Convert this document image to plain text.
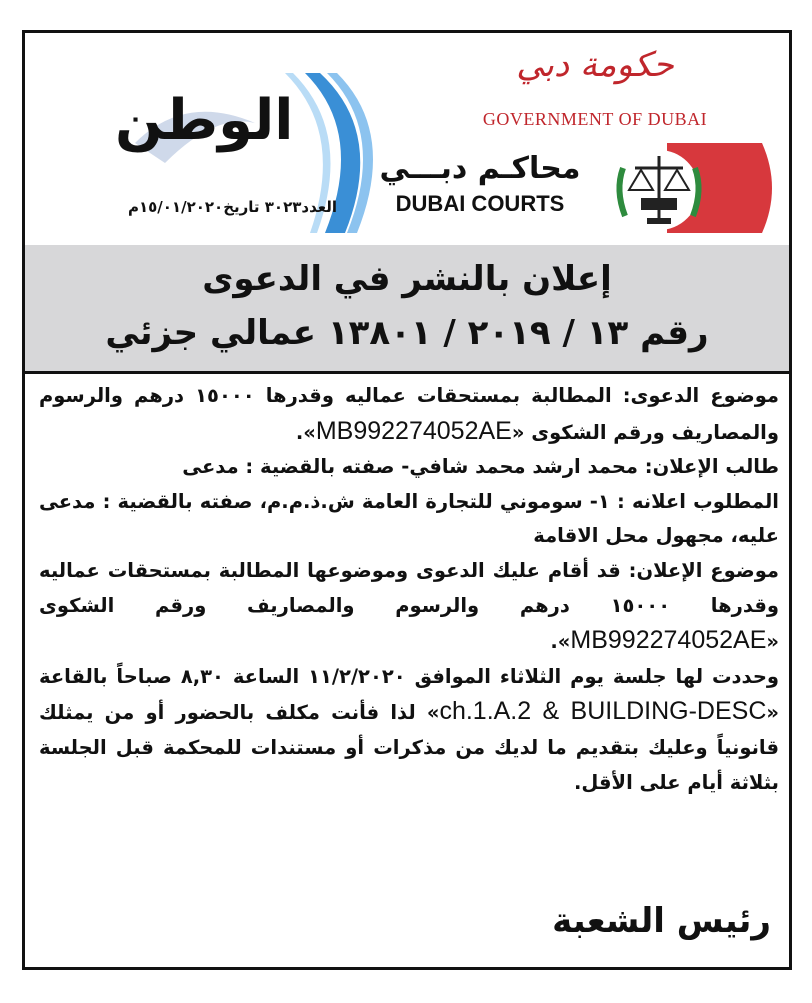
الوطن
العدد٣٠٢٣ تاريخ١٥/٠١/٢٠٢٠م
حكومة دبي
GOVERNMENT OF DUBAI
محاكـم دبـــي
DUBAI COURTS
إعلان بالنشر في الدعوى
رقم ١٣ / ٢٠١٩ / ١٣٨٠١ عمالي جزئي

موضوع الدعوى: المطالبة بمستحقات عماليه وقدرها ١٥٠٠٠ درهم والرسوم والمصاريف ورقم الشكوى «MB992274052AE».

طالب الإعلان: محمد ارشد محمد شافي- صفته بالقضية : مدعى

المطلوب اعلانه : ١- سوموني للتجارة العامة ش.ذ.م.م، صفته بالقضية : مدعى عليه، مجهول محل الاقامة

موضوع الإعلان: قد أقام عليك الدعوى وموضوعها المطالبة بمستحقات عماليه وقدرها ١٥٠٠٠ درهم والرسوم والمصاريف ورقم الشكوى «MB992274052AE».

وحددت لها جلسة يوم الثلاثاء الموافق ١١/٢/٢٠٢٠ الساعة ٨,٣٠ صباحاً بالقاعة «ch.1.A.2 & BUILDING-DESC» لذا فأنت مكلف بالحضور أو من يمثلك قانونياً وعليك بتقديم ما لديك من مذكرات أو مستندات للمحكمة قبل الجلسة بثلاثة أيام على الأقل.

رئيس الشعبة
